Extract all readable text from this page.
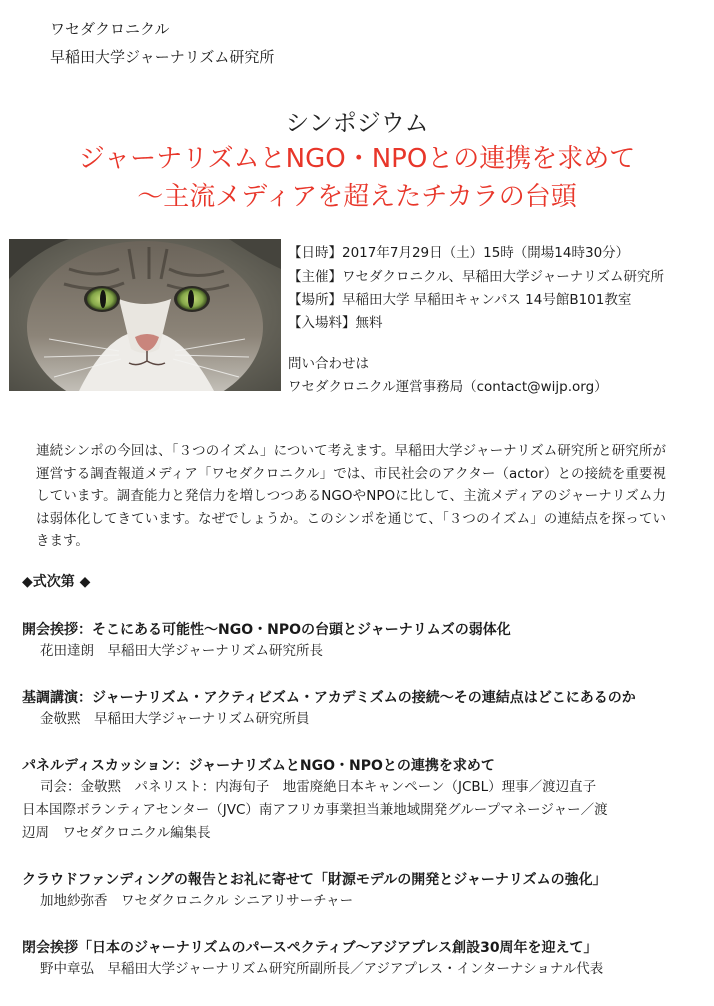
ワセダクロニクル
早稲田大学ジャーナリズム研究所
シンポジウム
ジャーナリズムとNGO・NPOとの連携を求めて
〜主流メディアを超えたチカラの台頭
【日時】2017年7月29日（土）15時（開場14時30分）
【主催】ワセダクロニクル、早稲田大学ジャーナリズム研究所
【場所】早稲田大学 早稲田キャンパス 14号館B101教室
【入場料】無料
問い合わせは
ワセダクロニクル運営事務局（contact@wijp.org）
連続シンポの今回は、「３つのイズム」について考えます。早稲田大学ジャーナリズム研究所と研究所が運営する調査報道メディア「ワセダクロニクル」では、市民社会のアクター（actor）との接続を重要視しています。調査能力と発信力を増しつつあるNGOやNPOに比して、主流メディアのジャーナリズム力は弱体化してきています。なぜでしょうか。このシンポを通じて、「３つのイズム」の連結点を探っていきます。
◆式次第 ◆
開会挨拶：そこにある可能性〜NGO・NPOの台頭とジャーナリムズの弱体化
花田達朗　早稲田大学ジャーナリズム研究所長
基調講演：ジャーナリズム・アクティビズム・アカデミズムの接続〜その連結点はどこにあるのか
金敬黙　早稲田大学ジャーナリズム研究所員
パネルディスカッション：ジャーナリズムとNGO・NPOとの連携を求めて
司会：金敬黙　パネリスト：内海旬子　地雷廃絶日本キャンペーン（JCBL）理事／渡辺直子
日本国際ボランティアセンター（JVC）南アフリカ事業担当兼地域開発グループマネージャー／渡
辺周　ワセダクロニクル編集長
クラウドファンディングの報告とお礼に寄せて「財源モデルの開発とジャーナリズムの強化」
加地紗弥香　ワセダクロニクル シニアリサーチャー
閉会挨拶「日本のジャーナリズムのパースペクティブ〜アジアプレス創設30周年を迎えて」
野中章弘　早稲田大学ジャーナリズム研究所副所長／アジアプレス・インターナショナル代表
